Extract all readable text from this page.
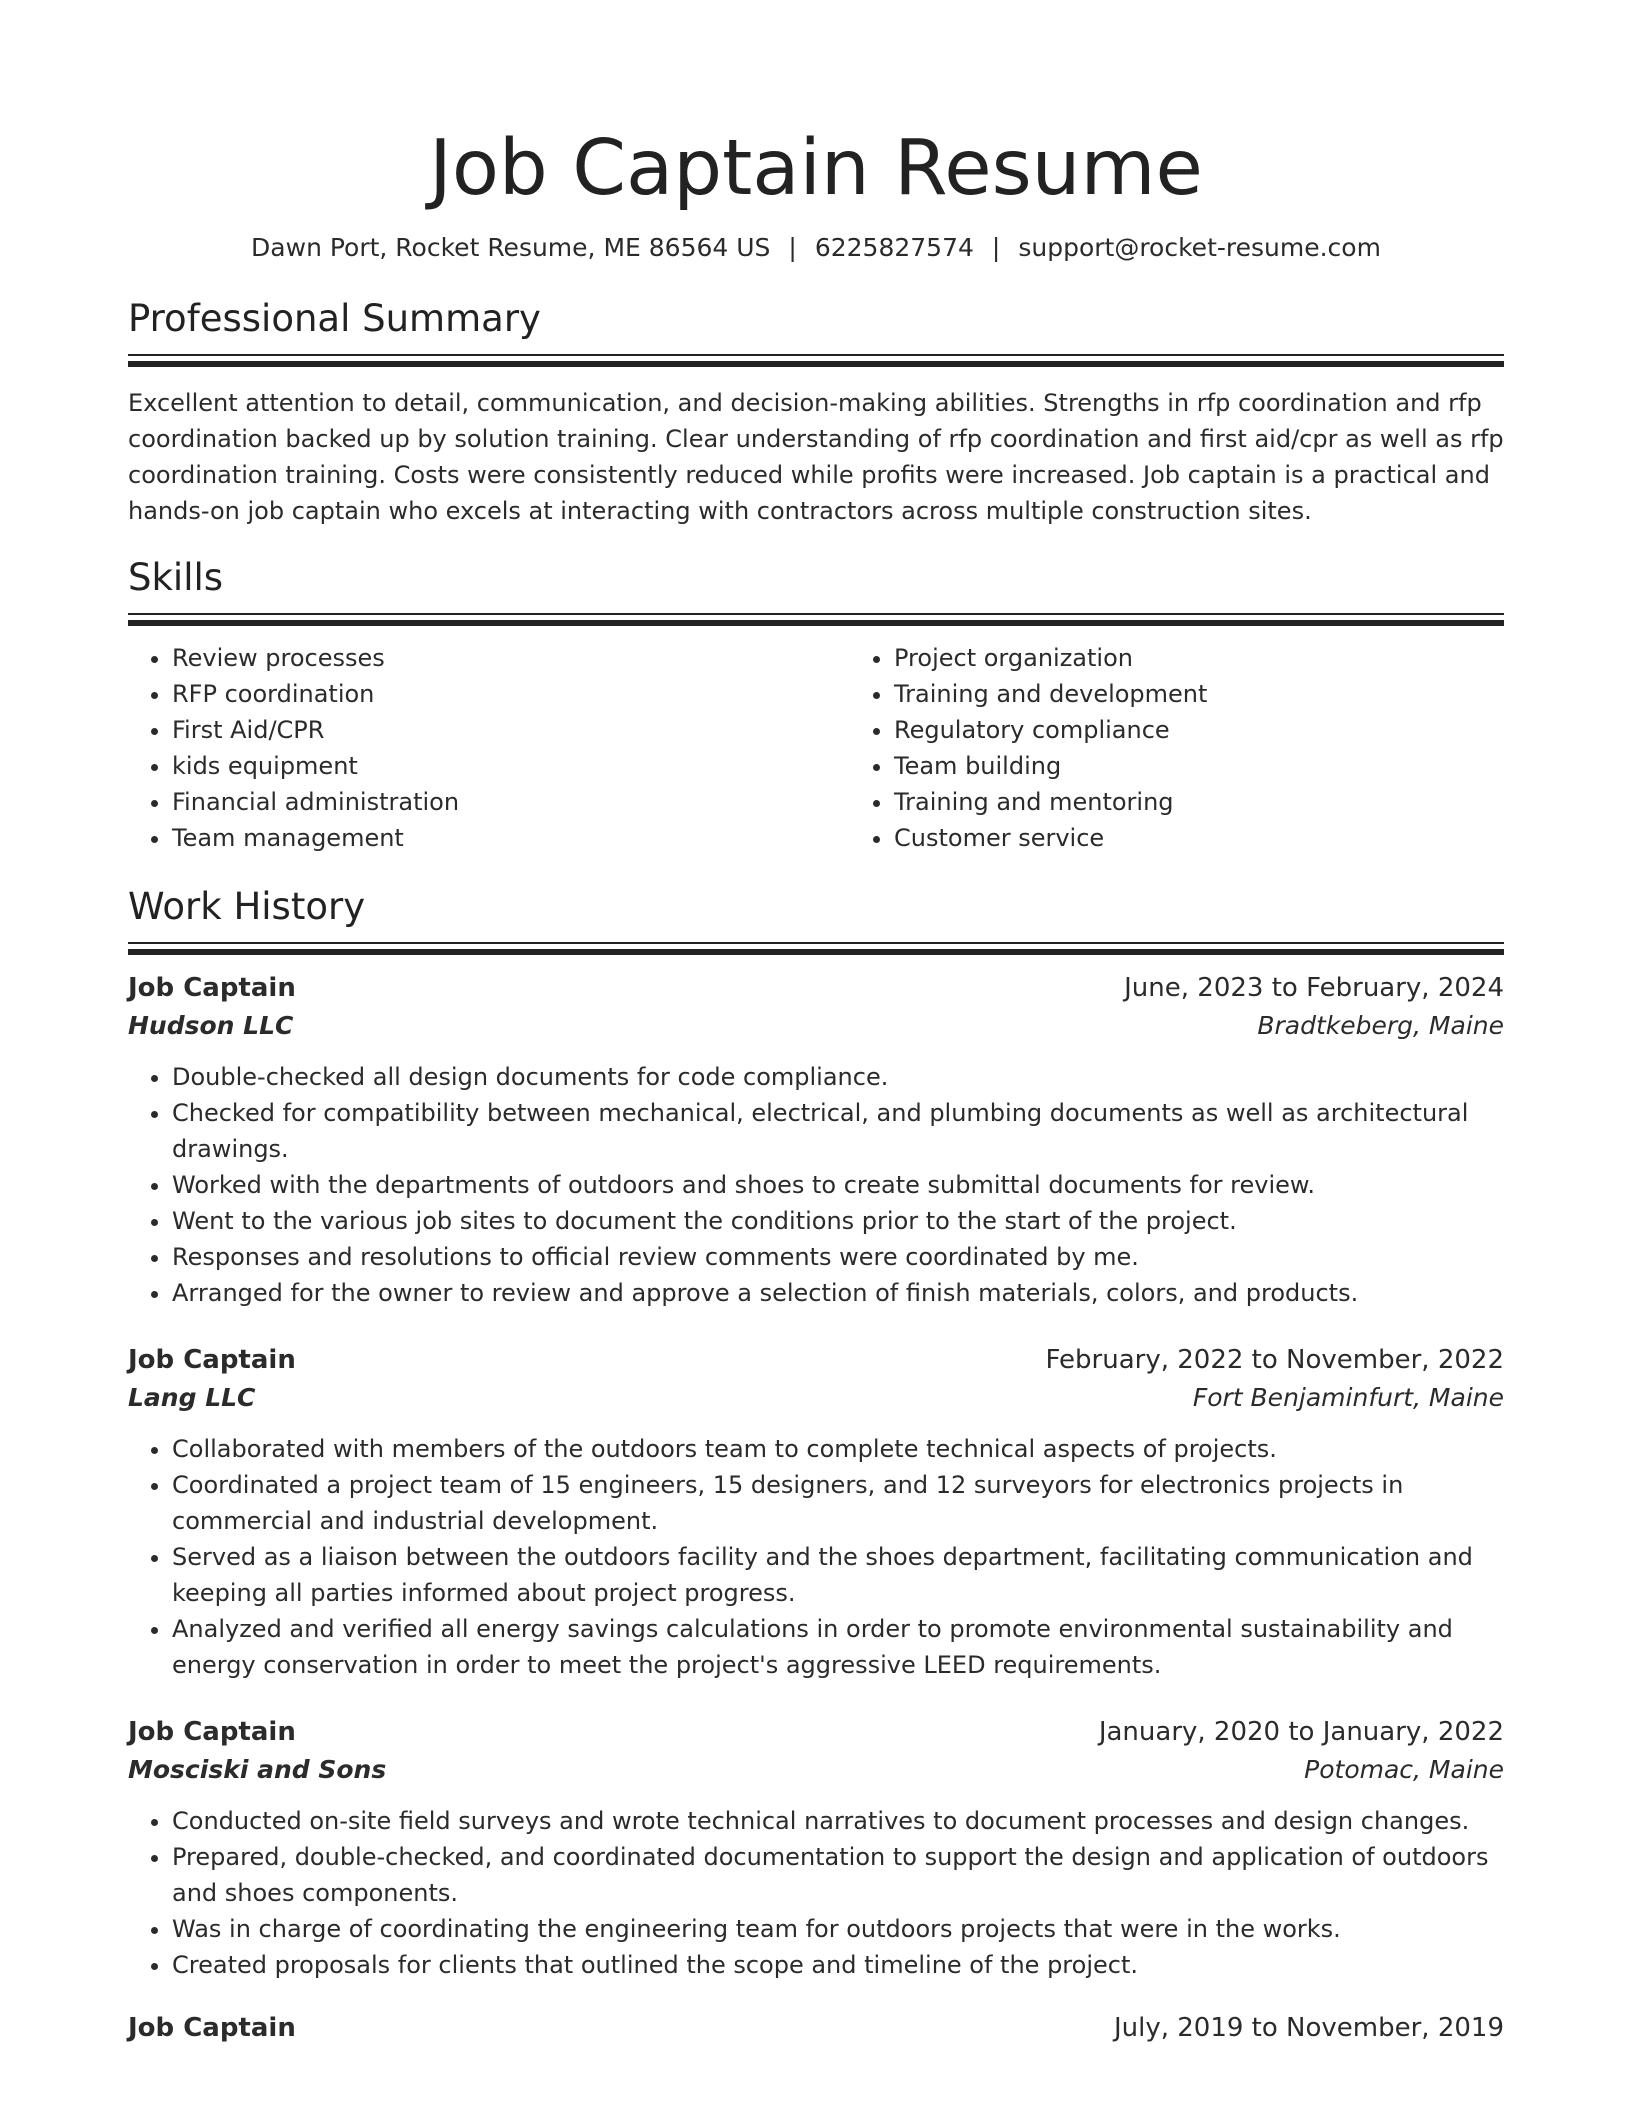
Job Captain Resume
Dawn Port, Rocket Resume, ME 86564 US | 6225827574 | support@rocket-resume.com
Professional Summary

Excellent attention to detail, communication, and decision-making abilities. Strengths in rfp coordination and rfp coordination backed up by solution training. Clear understanding of rfp coordination and first aid/cpr as well as rfp coordination training. Costs were consistently reduced while profits were increased. Job captain is a practical and hands-on job captain who excels at interacting with contractors across multiple construction sites.

Skills
• Review processes
• RFP coordination
• First Aid/CPR
• kids equipment
• Financial administration
• Team management
• Project organization
• Training and development
• Regulatory compliance
• Team building
• Training and mentoring
• Customer service
Work History
Job Captain	June, 2023 to February, 2024
Hudson LLC	Bradtkeberg, Maine
• Double-checked all design documents for code compliance.
• Checked for compatibility between mechanical, electrical, and plumbing documents as well as architectural drawings.
• Worked with the departments of outdoors and shoes to create submittal documents for review.
• Went to the various job sites to document the conditions prior to the start of the project.
• Responses and resolutions to official review comments were coordinated by me.
• Arranged for the owner to review and approve a selection of finish materials, colors, and products.
Job Captain	February, 2022 to November, 2022
Lang LLC	Fort Benjaminfurt, Maine
• Collaborated with members of the outdoors team to complete technical aspects of projects.
• Coordinated a project team of 15 engineers, 15 designers, and 12 surveyors for electronics projects in commercial and industrial development.
• Served as a liaison between the outdoors facility and the shoes department, facilitating communication and keeping all parties informed about project progress.
• Analyzed and verified all energy savings calculations in order to promote environmental sustainability and energy conservation in order to meet the project's aggressive LEED requirements.
Job Captain	January, 2020 to January, 2022
Mosciski and Sons	Potomac, Maine
• Conducted on-site field surveys and wrote technical narratives to document processes and design changes.
• Prepared, double-checked, and coordinated documentation to support the design and application of outdoors and shoes components.
• Was in charge of coordinating the engineering team for outdoors projects that were in the works.
• Created proposals for clients that outlined the scope and timeline of the project.
Job Captain	July, 2019 to November, 2019
